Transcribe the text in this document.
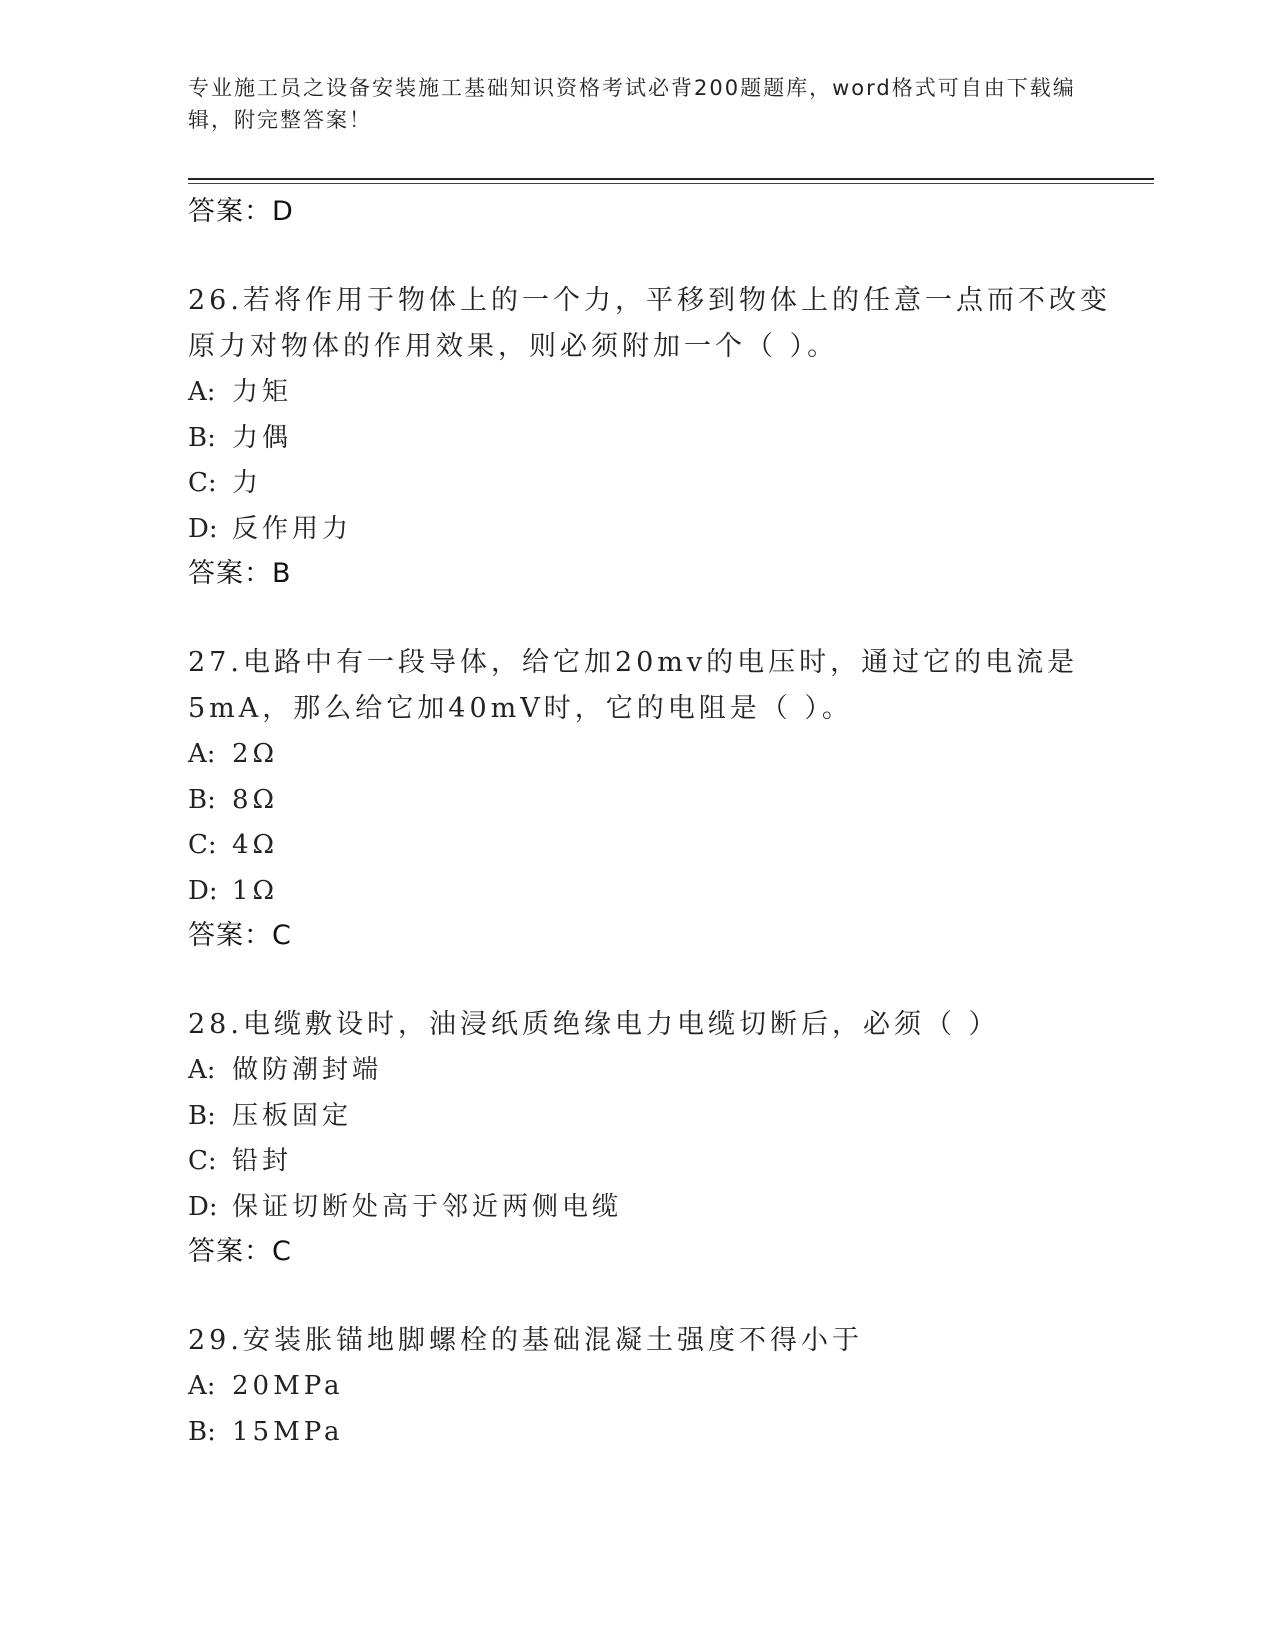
专业施工员之设备安装施工基础知识资格考试必背200题题库，word格式可自由下载编辑，附完整答案！
答案：D
26.若将作用于物体上的一个力，平移到物体上的任意一点而不改变原力对物体的作用效果，则必须附加一个（ ）。
A: 力矩
B: 力偶
C: 力
D: 反作用力
答案：B
27.电路中有一段导体，给它加20mv的电压时，通过它的电流是5mA，那么给它加40mV时，它的电阻是（ ）。
A: 2Ω
B: 8Ω
C: 4Ω
D: 1Ω
答案：C
28.电缆敷设时，油浸纸质绝缘电力电缆切断后，必须（ ）
A: 做防潮封端
B: 压板固定
C: 铅封
D: 保证切断处高于邻近两侧电缆
答案：C
29.安装胀锚地脚螺栓的基础混凝土强度不得小于
A: 20MPa
B: 15MPa
